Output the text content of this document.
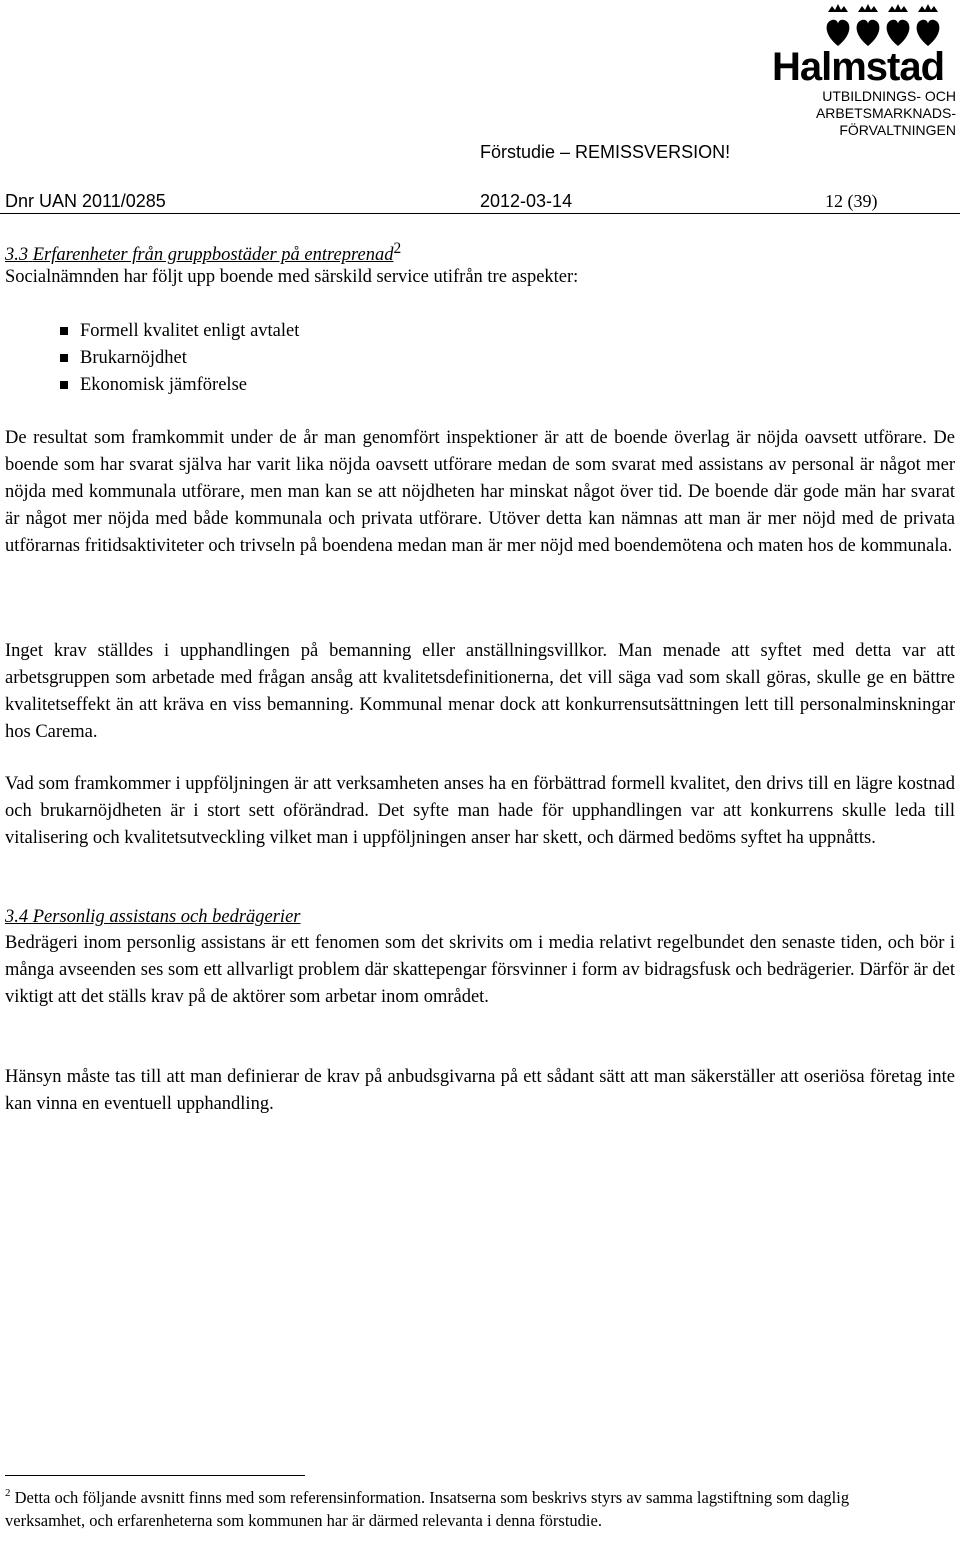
Halmstad
UTBILDNINGS- OCH
ARBETSMARKNADS-
FÖRVALTNINGEN
Förstudie – REMISSVERSION!
Dnr UAN 2011/0285	2012-03-14	12 (39)
3.3 Erfarenheter från gruppbostäder på entreprenad$^2$
Socialnämnden har följt upp boende med särskild service utifrån tre aspekter:
Formell kvalitet enligt avtalet
Brukarnöjdhet
Ekonomisk jämförelse
De resultat som framkommit under de år man genomfört inspektioner är att de boende överlag är nöjda oavsett utförare. De boende som har svarat själva har varit lika nöjda oavsett utförare medan de som svarat med assistans av personal är något mer nöjda med kommunala utförare, men man kan se att nöjdheten har minskat något över tid. De boende där gode män har svarat är något mer nöjda med både kommunala och privata utförare. Utöver detta kan nämnas att man är mer nöjd med de privata utförarnas fritidsaktiviteter och trivseln på boendena medan man är mer nöjd med boendemötena och maten hos de kommunala.
Inget krav ställdes i upphandlingen på bemanning eller anställningsvillkor. Man menade att syftet med detta var att arbetsgruppen som arbetade med frågan ansåg att kvalitetsdefinitionerna, det vill säga vad som skall göras, skulle ge en bättre kvalitetseffekt än att kräva en viss bemanning. Kommunal menar dock att konkurrensutsättningen lett till personalminskningar hos Carema.
Vad som framkommer i uppföljningen är att verksamheten anses ha en förbättrad formell kvalitet, den drivs till en lägre kostnad och brukarnöjdheten är i stort sett oförändrad. Det syfte man hade för upphandlingen var att konkurrens skulle leda till vitalisering och kvalitetsutveckling vilket man i uppföljningen anser har skett, och därmed bedöms syftet ha uppnåtts.
3.4 Personlig assistans och bedrägerier
Bedrägeri inom personlig assistans är ett fenomen som det skrivits om i media relativt regelbundet den senaste tiden, och bör i många avseenden ses som ett allvarligt problem där skattepengar försvinner i form av bidragsfusk och bedrägerier. Därför är det viktigt att det ställs krav på de aktörer som arbetar inom området.
Hänsyn måste tas till att man definierar de krav på anbudsgivarna på ett sådant sätt att man säkerställer att oseriösa företag inte kan vinna en eventuell upphandling.
$^2$ Detta och följande avsnitt finns med som referensinformation. Insatserna som beskrivs styrs av samma lagstiftning som daglig verksamhet, och erfarenheterna som kommunen har är därmed relevanta i denna förstudie.
